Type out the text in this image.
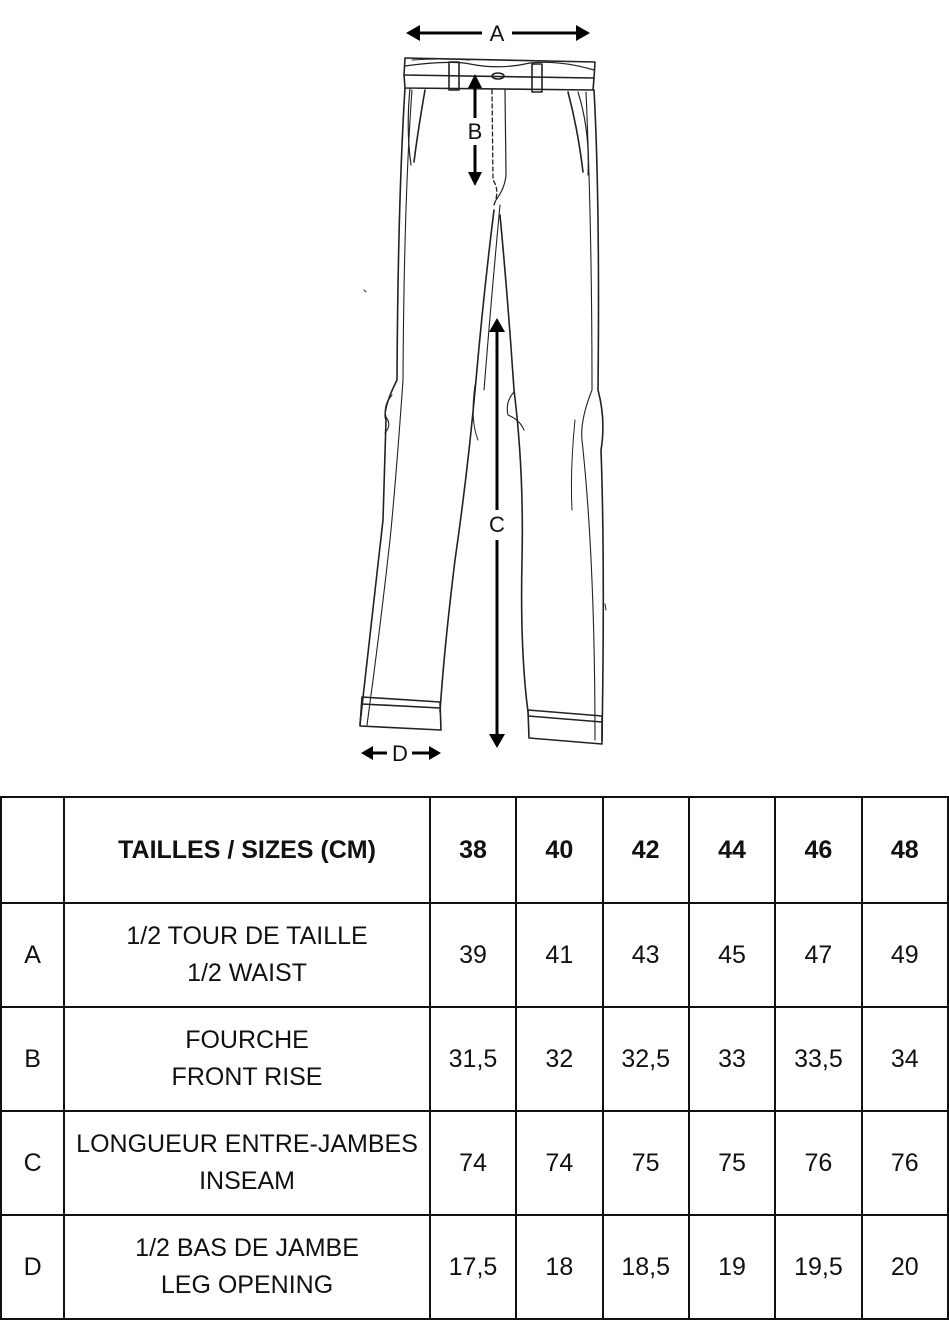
A
B
C
D
	TAILLES / SIZES (CM)	38	40	42	44	46	48
A	1/2 TOUR DE TAILLE
1/2 WAIST	39	41	43	45	47	49
B	FOURCHE
FRONT RISE	31,5	32	32,5	33	33,5	34
C	LONGUEUR ENTRE-JAMBES
INSEAM	74	74	75	75	76	76
D	1/2 BAS DE JAMBE
LEG OPENING	17,5	18	18,5	19	19,5	20
